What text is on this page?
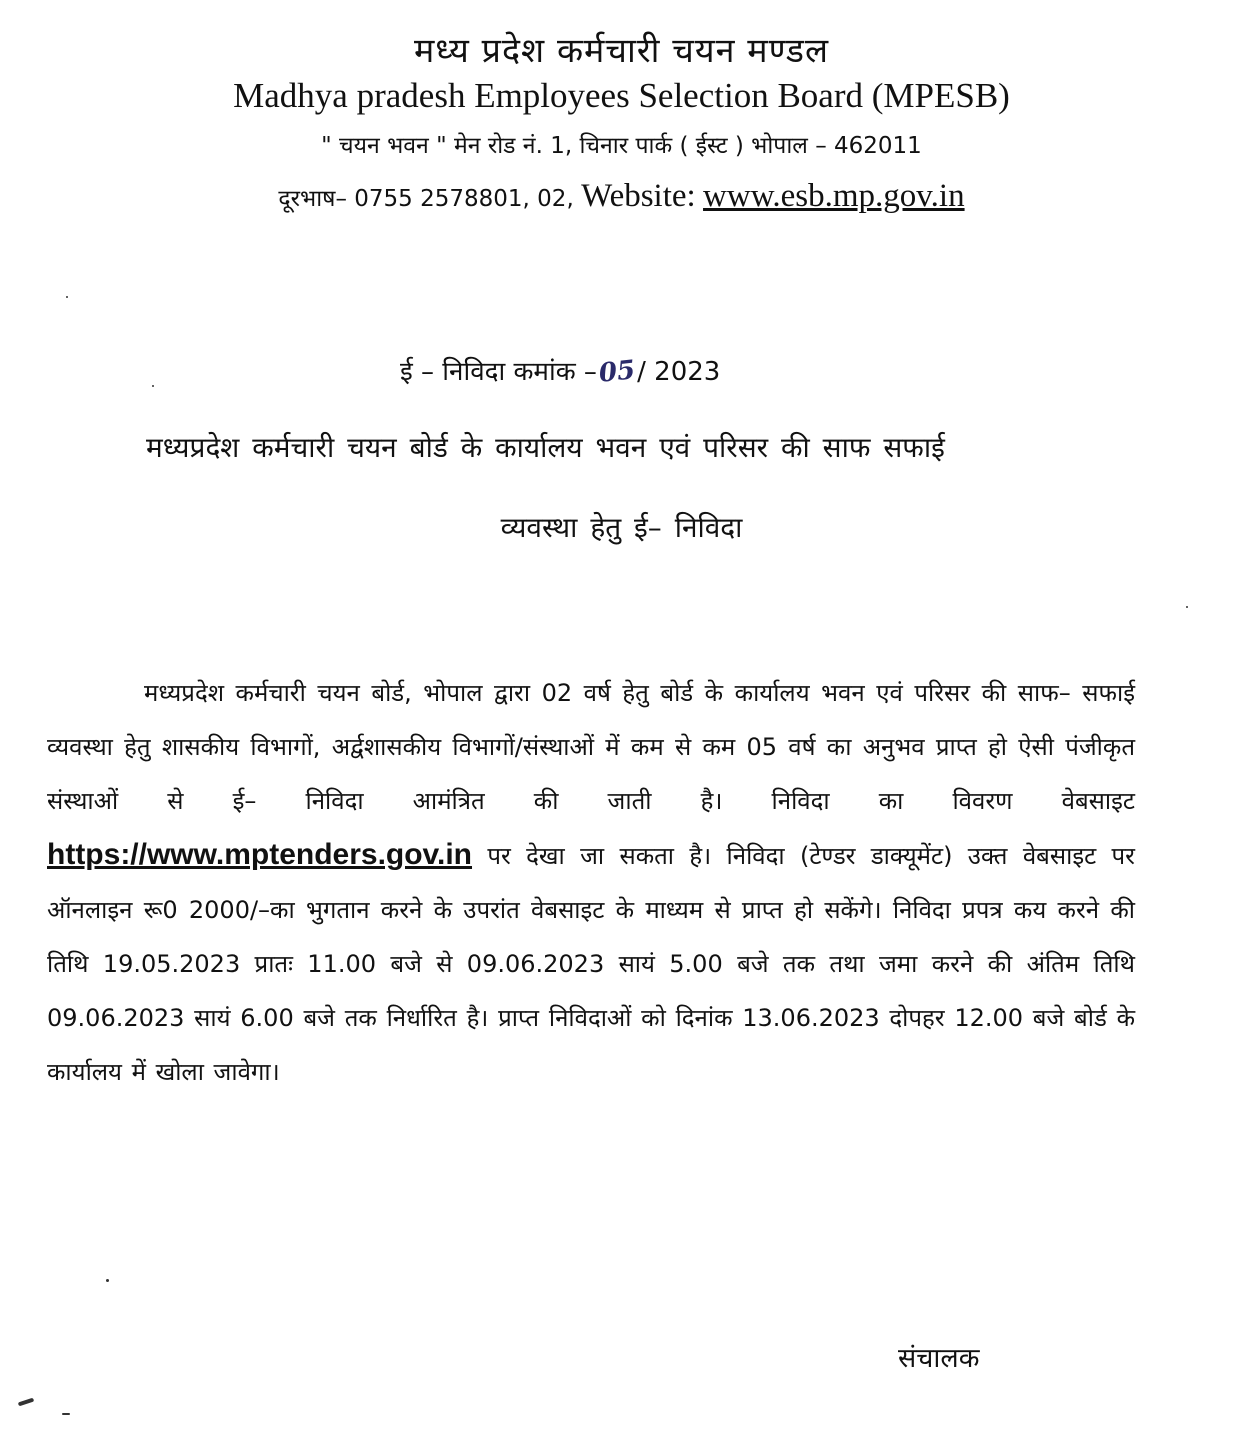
मध्य प्रदेश कर्मचारी चयन मण्डल
Madhya pradesh Employees Selection Board (MPESB)
" चयन भवन " मेन रोड नं. 1, चिनार पार्क ( ईस्ट ) भोपाल – 462011
दूरभाष– 0755 2578801, 02, Website: www.esb.mp.gov.in
ई – निविदा कमांक –05/ 2023
मध्यप्रदेश कर्मचारी चयन बोर्ड के कार्यालय भवन एवं परिसर की साफ सफाई
व्यवस्था हेतु ई– निविदा
मध्यप्रदेश कर्मचारी चयन बोर्ड, भोपाल द्वारा 02 वर्ष हेतु बोर्ड के कार्यालय भवन एवं परिसर की साफ– सफाई व्यवस्था हेतु शासकीय विभागों, अर्द्वशासकीय विभागों/संस्थाओं में कम से कम 05 वर्ष का अनुभव प्राप्त हो ऐसी पंजीकृत संस्थाओं से ई– निविदा आमंत्रित की जाती है। निविदा का विवरण वेबसाइट https://www.mptenders.gov.in पर देखा जा सकता है। निविदा (टेण्डर डाक्यूमेंट) उक्त वेबसाइट पर ऑनलाइन रू0 2000/–का भुगतान करने के उपरांत वेबसाइट के माध्यम से प्राप्त हो सकेंगे। निविदा प्रपत्र कय करने की तिथि 19.05.2023 प्रातः 11.00 बजे से 09.06.2023 सायं 5.00 बजे तक तथा जमा करने की अंतिम तिथि 09.06.2023 सायं 6.00 बजे तक निर्धारित है। प्राप्त निविदाओं को दिनांक 13.06.2023 दोपहर 12.00 बजे बोर्ड के कार्यालय में खोला जावेगा।
संचालक
